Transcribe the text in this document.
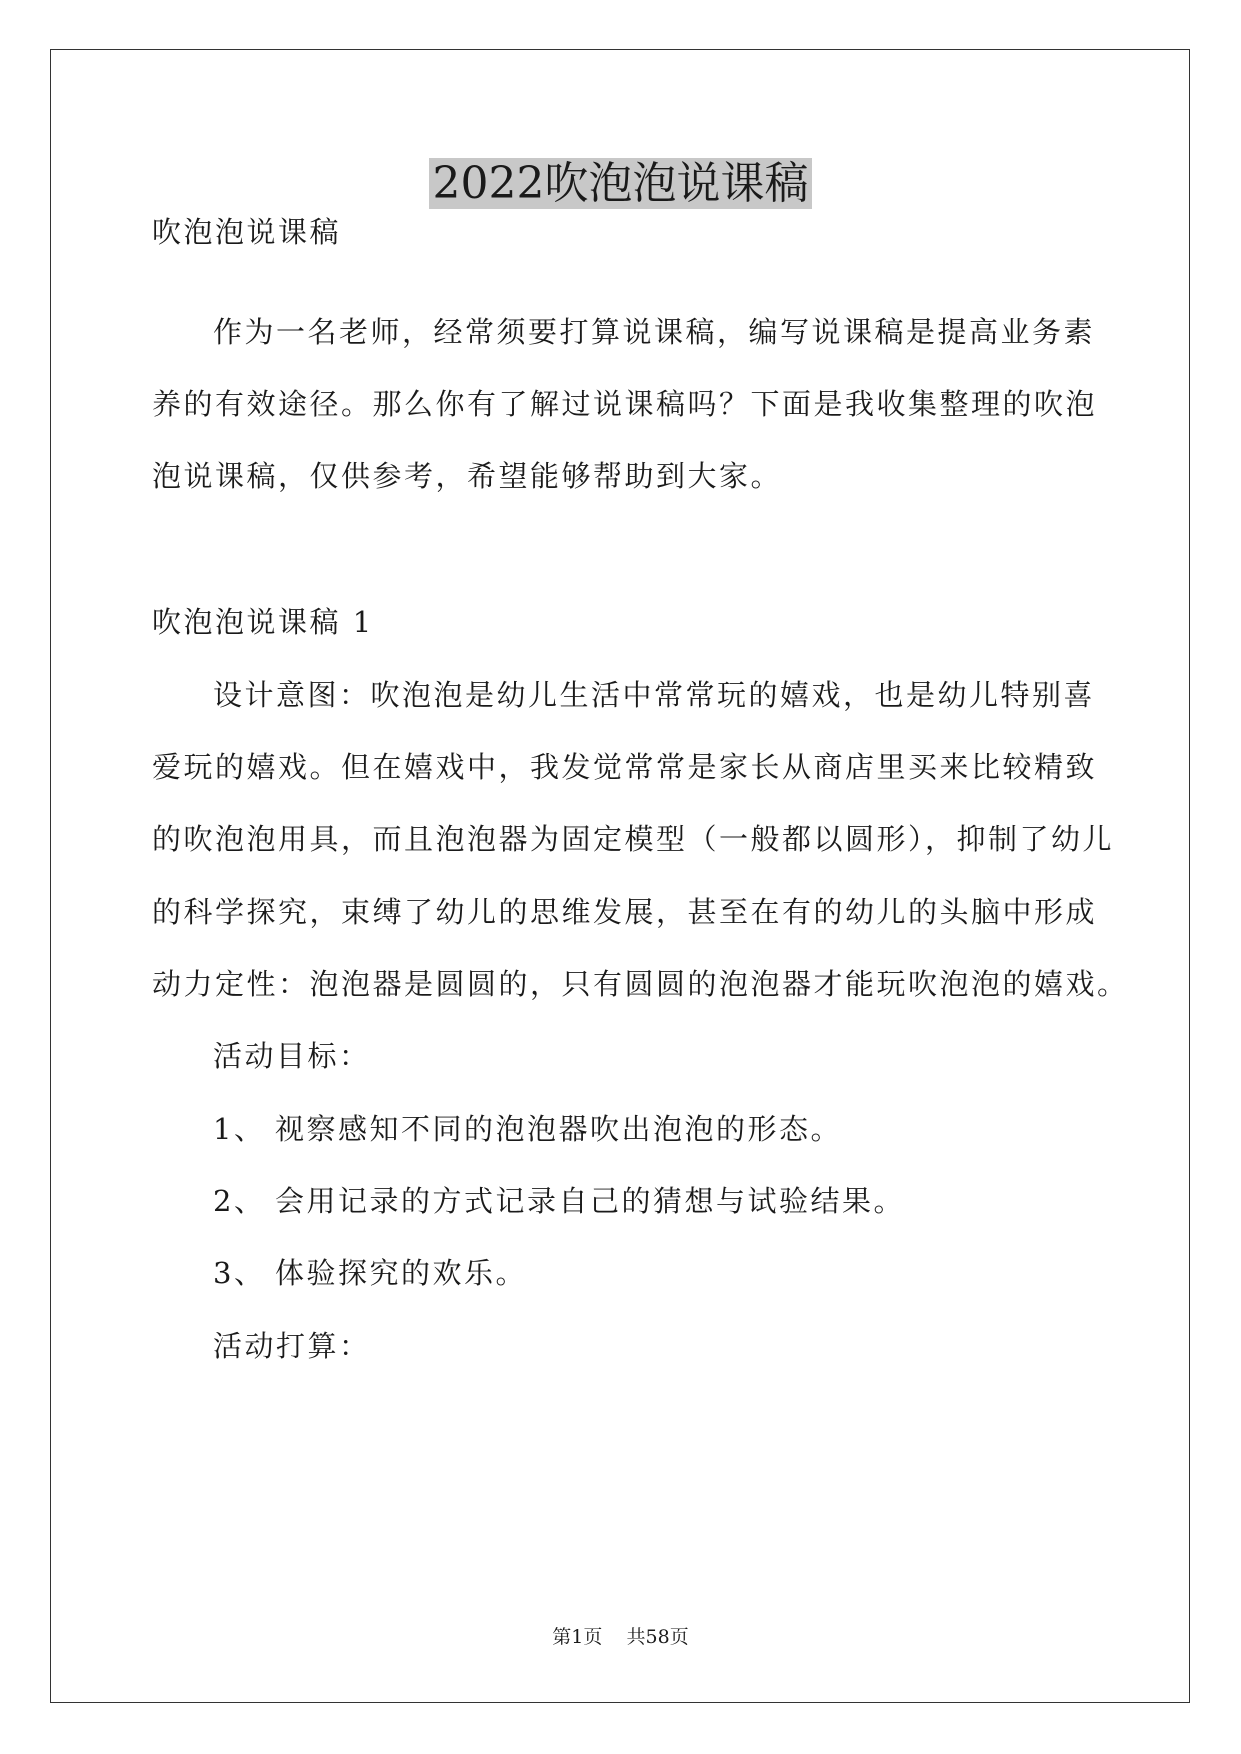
2022吹泡泡说课稿

吹泡泡说课稿

作为一名老师，经常须要打算说课稿，编写说课稿是提高业务素

养的有效途径。那么你有了解过说课稿吗？下面是我收集整理的吹泡

泡说课稿，仅供参考，希望能够帮助到大家。

吹泡泡说课稿 1

设计意图：吹泡泡是幼儿生活中常常玩的嬉戏，也是幼儿特别喜

爱玩的嬉戏。但在嬉戏中，我发觉常常是家长从商店里买来比较精致

的吹泡泡用具，而且泡泡器为固定模型（一般都以圆形），抑制了幼儿

的科学探究，束缚了幼儿的思维发展，甚至在有的幼儿的头脑中形成

动力定性：泡泡器是圆圆的，只有圆圆的泡泡器才能玩吹泡泡的嬉戏。

活动目标：

1、 视察感知不同的泡泡器吹出泡泡的形态。

2、 会用记录的方式记录自己的猜想与试验结果。

3、 体验探究的欢乐。

活动打算：

第1页    共58页
